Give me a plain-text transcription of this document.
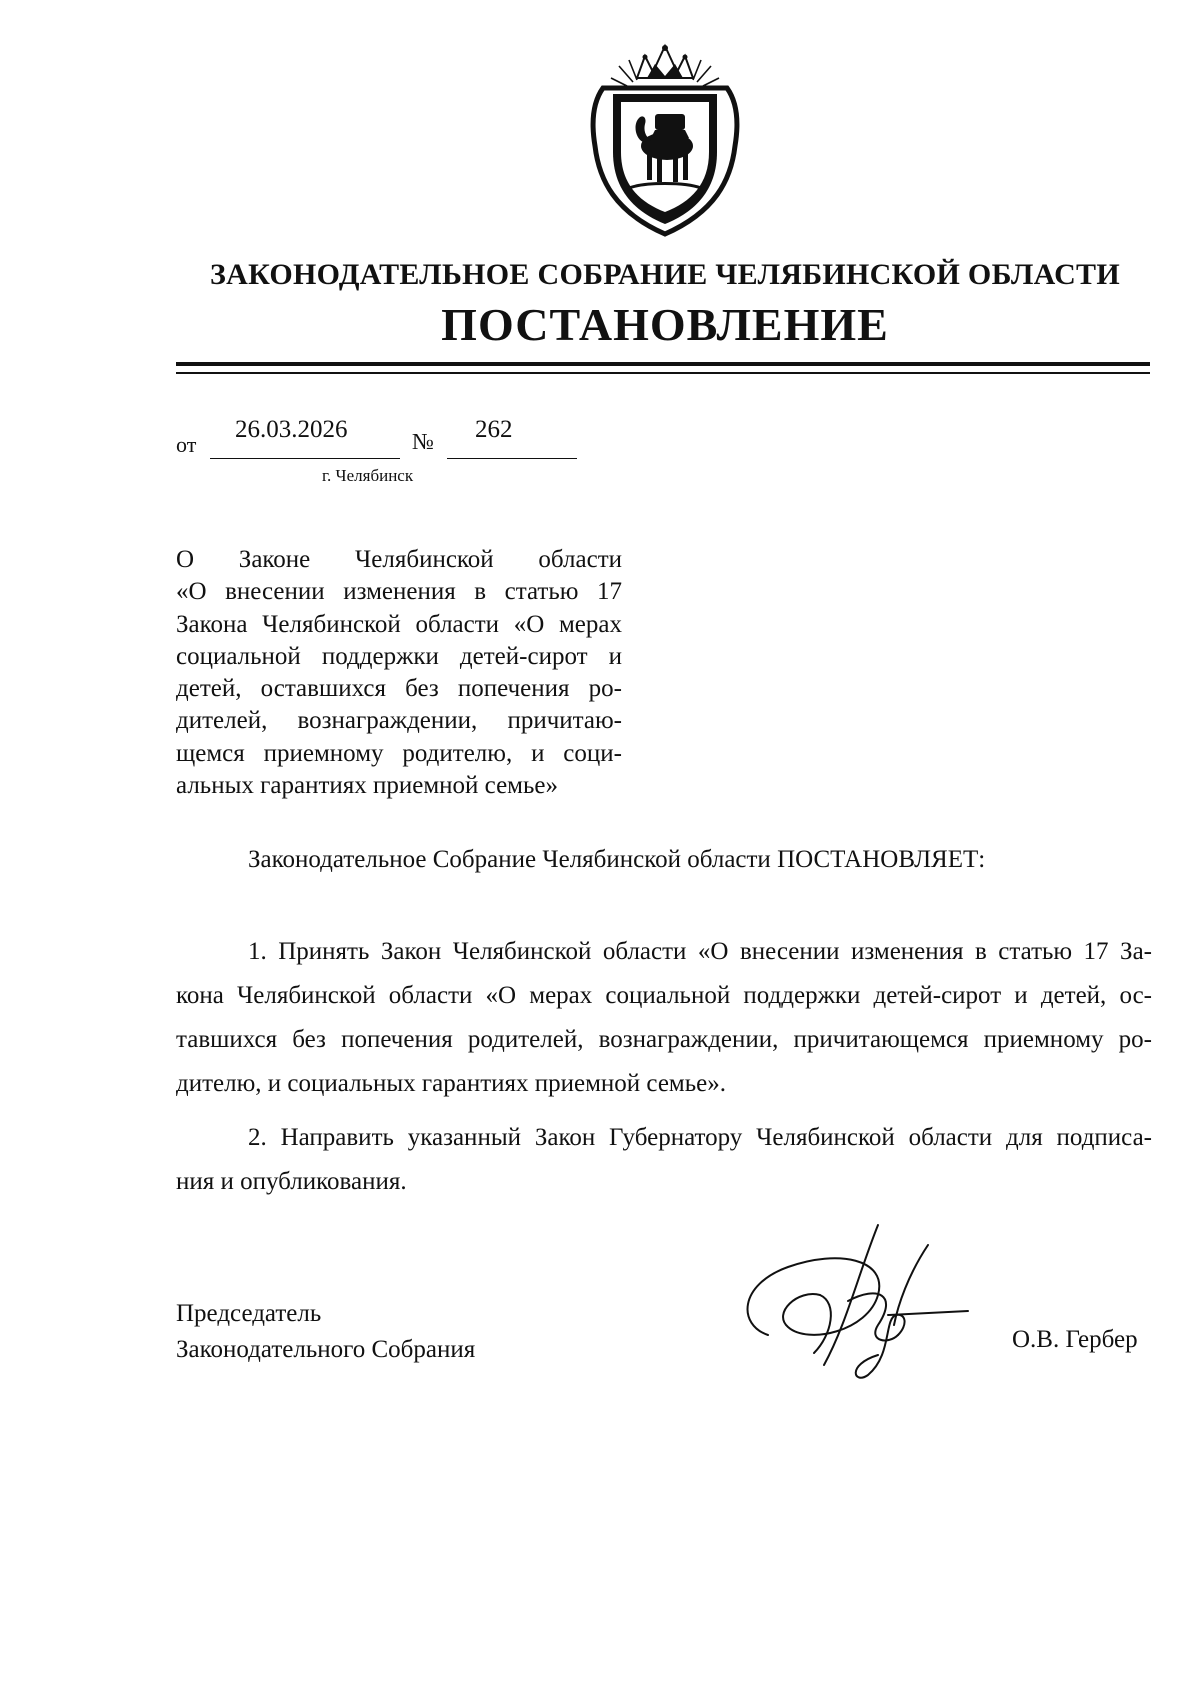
ЗАКОНОДАТЕЛЬНОЕ СОБРАНИЕ ЧЕЛЯБИНСКОЙ ОБЛАСТИ
ПОСТАНОВЛЕНИЕ
от
26.03.2026	№ 262
г. Челябинск
О Законе Челябинской области
«О внесении изменения в статью 17
Закона Челябинской области «О мерах
социальной поддержки детей-сирот и
детей, оставшихся без попечения ро-
дителей, вознаграждении, причитаю-
щемся приемному родителю, и соци-
альных гарантиях приемной семье»
Законодательное Собрание Челябинской области ПОСТАНОВЛЯЕТ:
1. Принять Закон Челябинской области «О внесении изменения в статью 17 За-
кона Челябинской области «О мерах социальной поддержки детей-сирот и детей, ос-
тавшихся без попечения родителей, вознаграждении, причитающемся приемному ро-
дителю, и социальных гарантиях приемной семье».
2. Направить указанный Закон Губернатору Челябинской области для подписа-
ния и опубликования.
Председатель
Законодательного Собрания	О.В. Гербер
